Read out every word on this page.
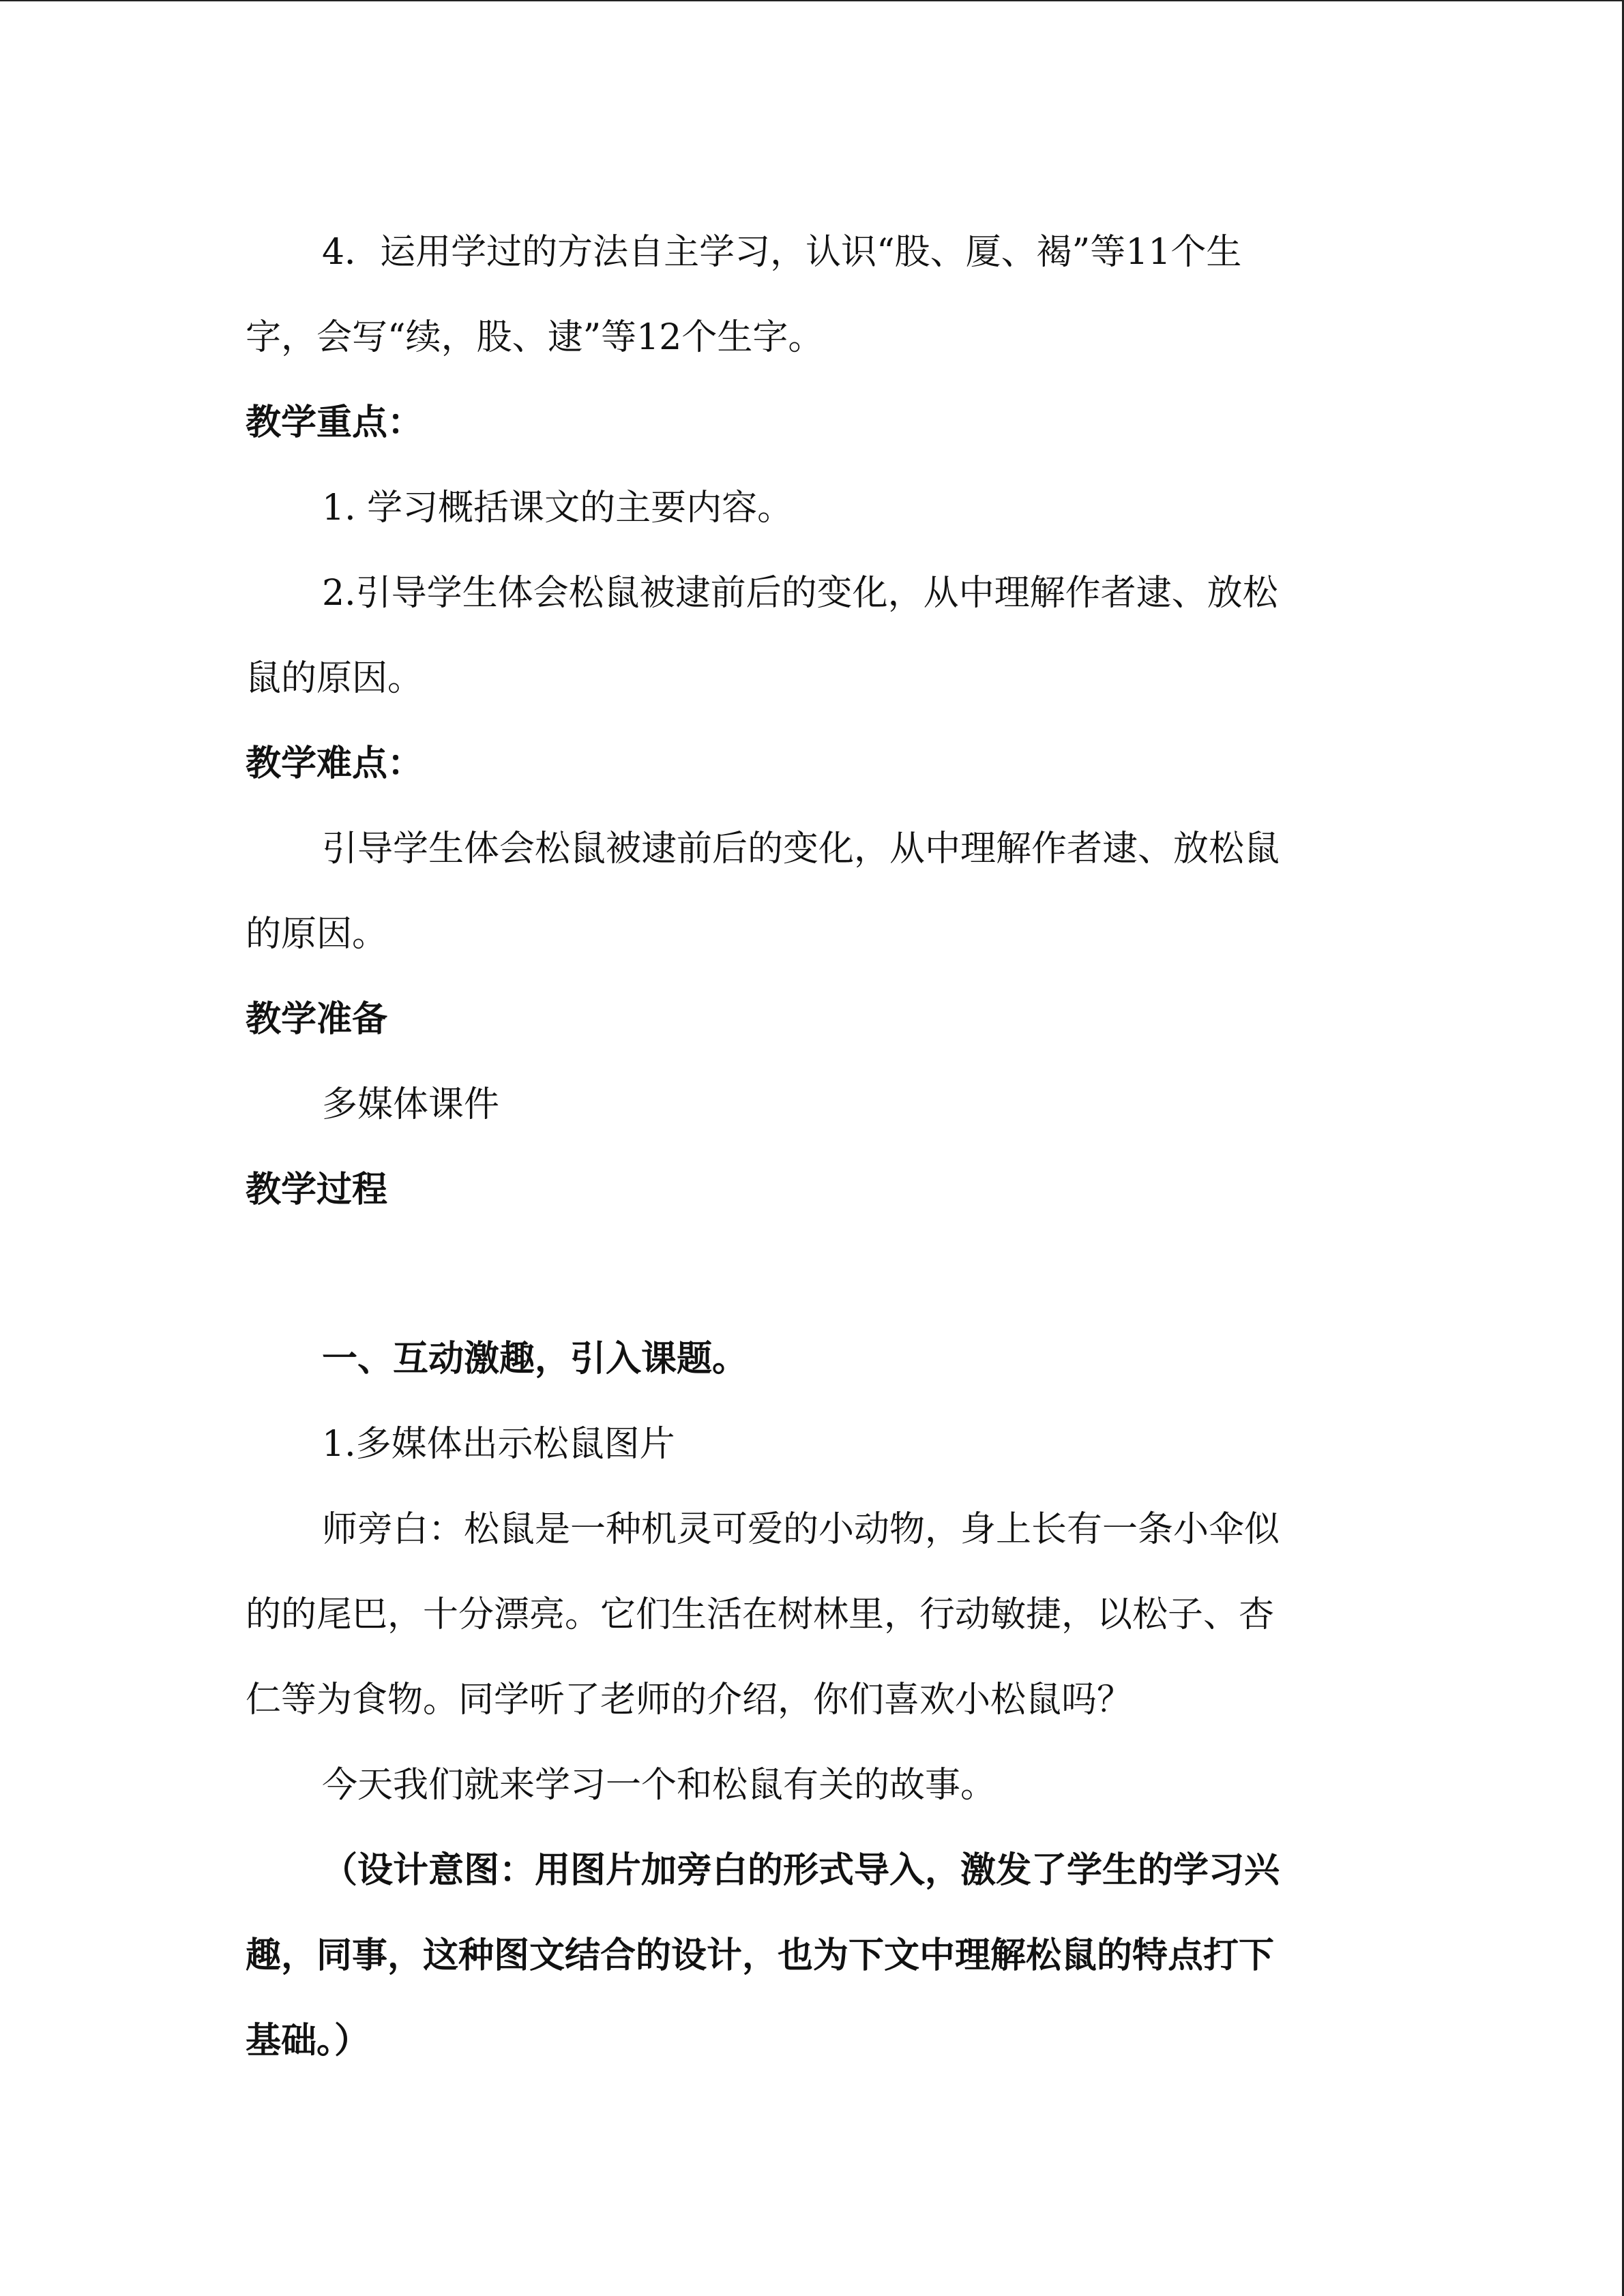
4．运用学过的方法自主学习，认识“股、厦、褐”等11个生

字，会写“续，股、逮”等12个生字。

教学重点：

1. 学习概括课文的主要内容。

2.引导学生体会松鼠被逮前后的变化，从中理解作者逮、放松

鼠的原因。

教学难点：

引导学生体会松鼠被逮前后的变化，从中理解作者逮、放松鼠

的原因。

教学准备

多媒体课件

教学过程

一、互动激趣，引入课题。

1.多媒体出示松鼠图片

师旁白：松鼠是一种机灵可爱的小动物，身上长有一条小伞似

的的尾巴，十分漂亮。它们生活在树林里，行动敏捷，以松子、杏

仁等为食物。同学听了老师的介绍，你们喜欢小松鼠吗？

今天我们就来学习一个和松鼠有关的故事。

（设计意图：用图片加旁白的形式导入，激发了学生的学习兴

趣，同事，这种图文结合的设计，也为下文中理解松鼠的特点打下

基础。）
